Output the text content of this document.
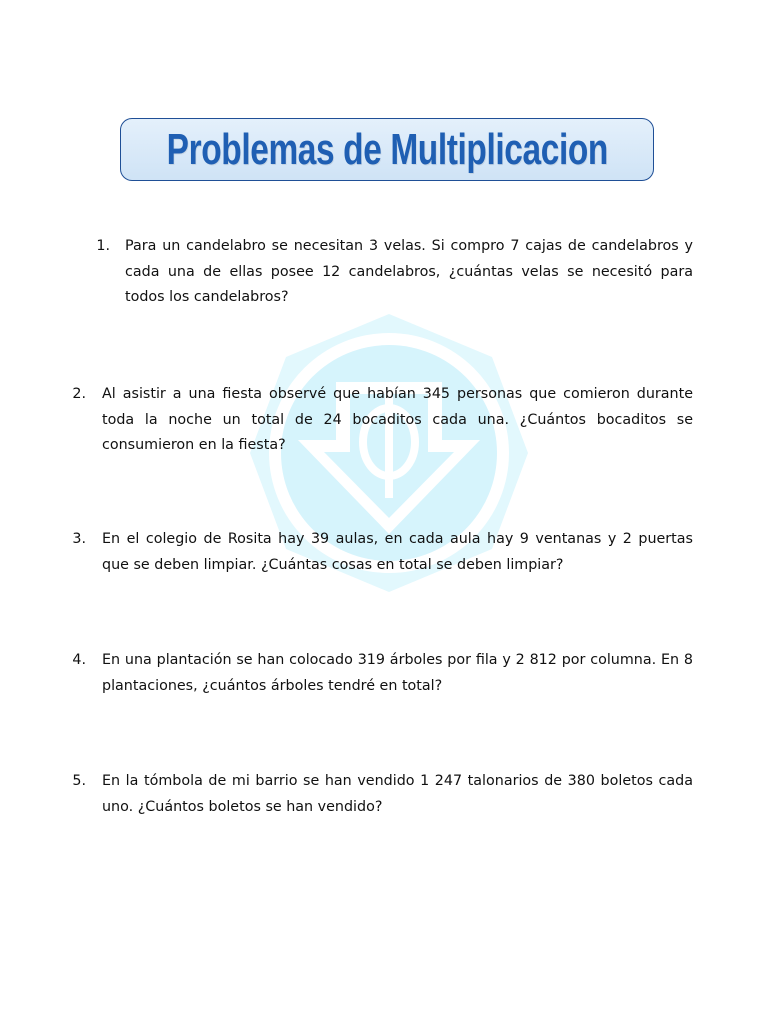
Problemas de Multiplicacion
1. Para un candelabro se necesitan 3 velas. Si compro 7 cajas de candelabros y cada una de ellas posee 12 candelabros, ¿cuántas velas se necesitó para todos los candelabros?
2. Al asistir a una fiesta observé que habían 345 personas que comieron durante toda la noche un total de 24 bocaditos cada una. ¿Cuántos bocaditos se consumieron en la fiesta?
3. En el colegio de Rosita hay 39 aulas, en cada aula hay 9 ventanas y 2 puertas que se deben limpiar. ¿Cuántas cosas en total se deben limpiar?
4. En una plantación se han colocado 319 árboles por fila y 2 812 por columna. En 8 plantaciones, ¿cuántos árboles tendré en total?
5. En la tómbola de mi barrio se han vendido 1 247 talonarios de 380 boletos cada uno. ¿Cuántos boletos se han vendido?
